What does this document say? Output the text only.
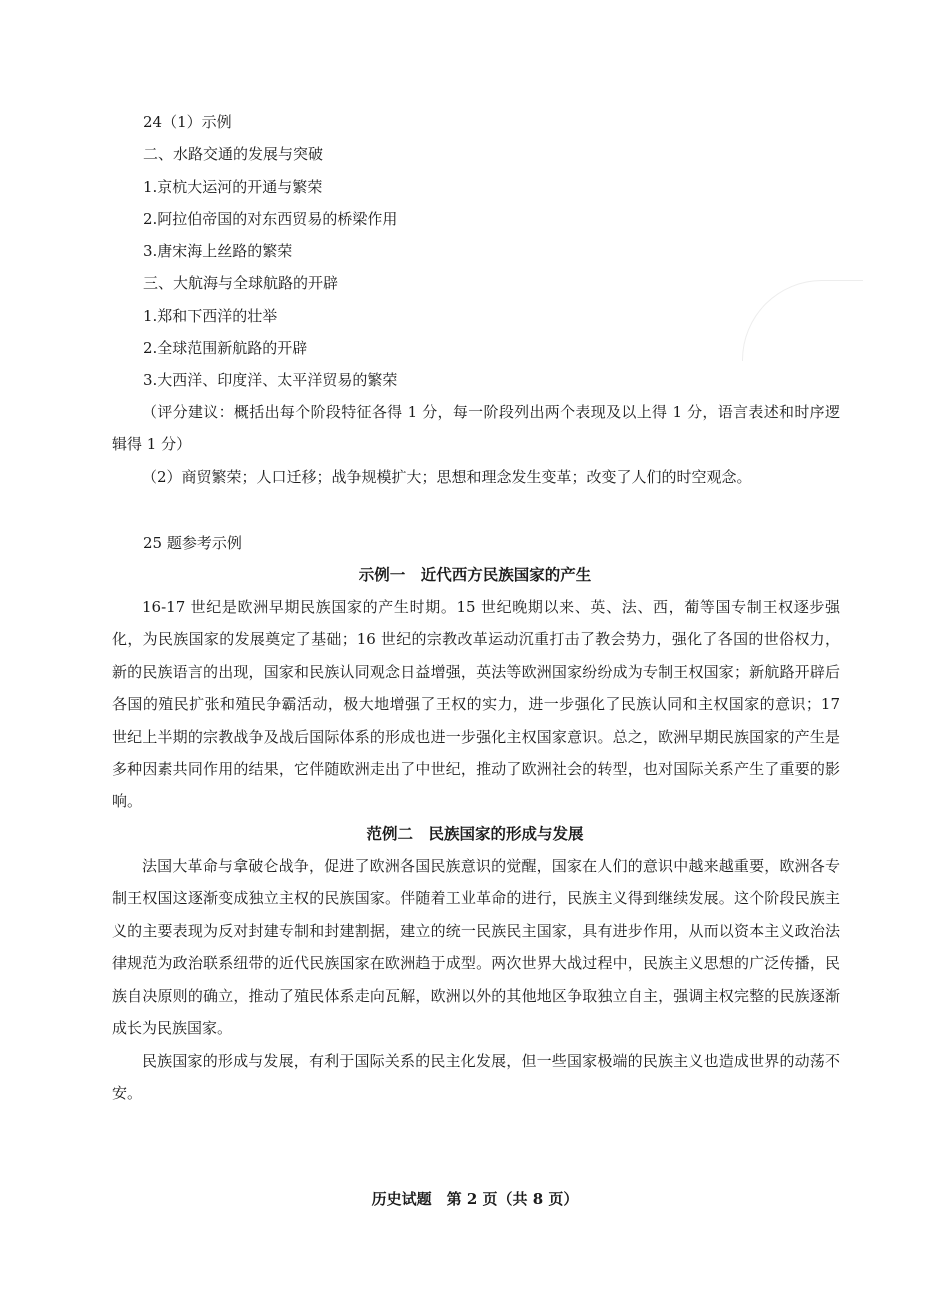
24（1）示例
二、水路交通的发展与突破
1.京杭大运河的开通与繁荣
2.阿拉伯帝国的对东西贸易的桥梁作用
3.唐宋海上丝路的繁荣
三、大航海与全球航路的开辟
1.郑和下西洋的壮举
2.全球范围新航路的开辟
3.大西洋、印度洋、太平洋贸易的繁荣
（评分建议：概括出每个阶段特征各得 1 分，每一阶段列出两个表现及以上得 1 分，语言表述和时序逻辑得 1 分）
（2）商贸繁荣；人口迁移；战争规模扩大；思想和理念发生变革；改变了人们的时空观念。
25 题参考示例
示例一　近代西方民族国家的产生
16-17 世纪是欧洲早期民族国家的产生时期。15 世纪晚期以来、英、法、西，葡等国专制王权逐步强化，为民族国家的发展奠定了基础；16 世纪的宗教改革运动沉重打击了教会势力，强化了各国的世俗权力，新的民族语言的出现，国家和民族认同观念日益增强，英法等欧洲国家纷纷成为专制王权国家；新航路开辟后各国的殖民扩张和殖民争霸活动，极大地增强了王权的实力，进一步强化了民族认同和主权国家的意识；17 世纪上半期的宗教战争及战后国际体系的形成也进一步强化主权国家意识。总之，欧洲早期民族国家的产生是多种因素共同作用的结果，它伴随欧洲走出了中世纪，推动了欧洲社会的转型，也对国际关系产生了重要的影响。
范例二　民族国家的形成与发展
法国大革命与拿破仑战争，促进了欧洲各国民族意识的觉醒，国家在人们的意识中越来越重要，欧洲各专制王权国这逐渐变成独立主权的民族国家。伴随着工业革命的进行，民族主义得到继续发展。这个阶段民族主义的主要表现为反对封建专制和封建割据，建立的统一民族民主国家，具有进步作用，从而以资本主义政治法律规范为政治联系纽带的近代民族国家在欧洲趋于成型。两次世界大战过程中，民族主义思想的广泛传播，民族自决原则的确立，推动了殖民体系走向瓦解，欧洲以外的其他地区争取独立自主，强调主权完整的民族逐渐成长为民族国家。
民族国家的形成与发展，有利于国际关系的民主化发展，但一些国家极端的民族主义也造成世界的动荡不安。
历史试题　第 2 页（共 8 页）
